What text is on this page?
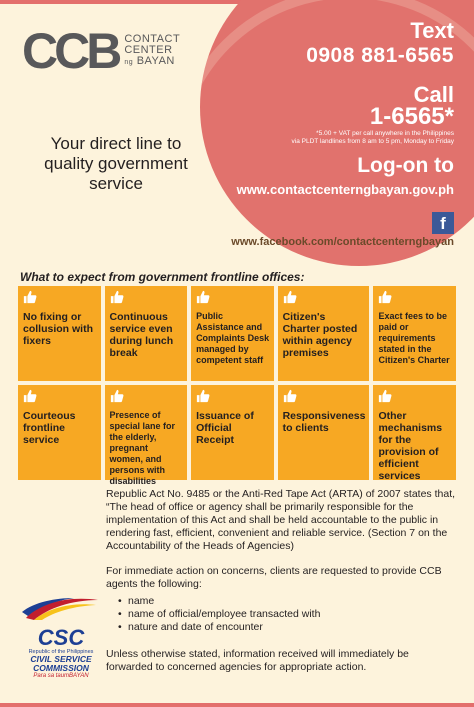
CCB CONTACT
CENTER
ng BAYAN
Your direct line to quality government service
Text
0908 881-6565
Call
1-6565*
*5.00 + VAT per call anywhere in the Philippines
via PLDT landlines from 8 am to 5 pm, Monday to Friday
Log-on to
www.contactcenterngbayan.gov.ph
f
www.facebook.com/contactcenterngbayan
What to expect from government frontline offices:
No fixing or collusion with fixers
Continuous service even during lunch break
Public Assistance and Complaints Desk managed by competent staff
Citizen's Charter posted within agency premises
Exact fees to be paid or requirements stated in the Citizen's Charter
Courteous frontline service
Presence of special lane for the elderly, pregnant women, and persons with disabilities
Issuance of Official Receipt
Responsiveness to clients
Other mechanisms for the provision of efficient services

Republic Act No. 9485 or the Anti-Red Tape Act (ARTA) of 2007 states that, “The head of office or agency shall be primarily responsible for the implementation of this Act and shall be held accountable to the public in rendering fast, efficient, convenient and reliable service. (Section 7 on the Accountability of the Heads of Agencies)

For immediate action on concerns, clients are requested to provide CCB agents the following:

• name
• name of official/employee transacted with
• nature and date of encounter

Unless otherwise stated, information received will immediately be forwarded to concerned agencies for appropriate action.

CSC
Republic of the Philippines
CIVIL SERVICE
COMMISSION
Para sa taumBAYAN
